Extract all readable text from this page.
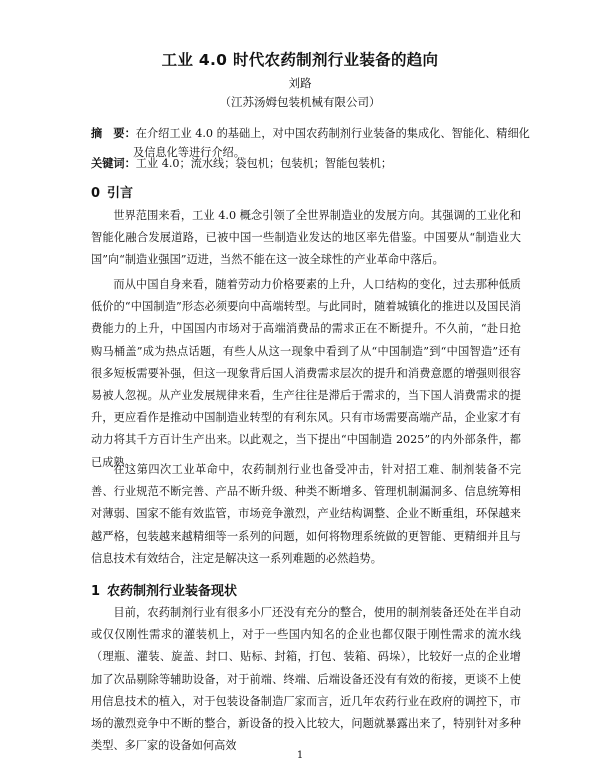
工业 4.0 时代农药制剂行业装备的趋向
刘路
（江苏汤姆包装机械有限公司）
摘　要：在介绍工业 4.0 的基础上，对中国农药制剂行业装备的集成化、智能化、精细化及信息化等进行介绍。
关键词：工业 4.0；流水线；袋包机；包装机；智能包装机；
0 引言
世界范围来看，工业 4.0 概念引领了全世界制造业的发展方向。其强调的工业化和智能化融合发展道路，已被中国一些制造业发达的地区率先借鉴。中国要从“制造业大国”向“制造业强国”迈进，当然不能在这一波全球性的产业革命中落后。
而从中国自身来看，随着劳动力价格要素的上升，人口结构的变化，过去那种低质低价的“中国制造”形态必须要向中高端转型。与此同时，随着城镇化的推进以及国民消费能力的上升，中国国内市场对于高端消费品的需求正在不断提升。不久前，“赴日抢购马桶盖”成为热点话题，有些人从这一现象中看到了从“中国制造”到“中国智造”还有很多短板需要补强，但这一现象背后国人消费需求层次的提升和消费意愿的增强则很容易被人忽视。从产业发展规律来看，生产往往是滞后于需求的，当下国人消费需求的提升，更应看作是推动中国制造业转型的有利东风。只有市场需要高端产品，企业家才有动力将其千方百计生产出来。以此观之，当下提出“中国制造 2025”的内外部条件，都已成熟。
在这第四次工业革命中，农药制剂行业也备受冲击，针对招工难、制剂装备不完善、行业规范不断完善、产品不断升级、种类不断增多、管理机制漏洞多、信息统筹相对薄弱、国家不能有效监管，市场竞争激烈，产业结构调整、企业不断重组，环保越来越严格，包装越来越精细等一系列的问题，如何将物理系统做的更智能、更精细并且与信息技术有效结合，注定是解决这一系列难题的必然趋势。
1 农药制剂行业装备现状
目前，农药制剂行业有很多小厂还没有充分的整合，使用的制剂装备还处在半自动或仅仅刚性需求的灌装机上，对于一些国内知名的企业也都仅限于刚性需求的流水线（理瓶、灌装、旋盖、封口、贴标、封箱，打包、装箱、码垛），比较好一点的企业增加了次品剔除等辅助设备，对于前端、终端、后端设备还没有有效的衔接，更谈不上使用信息技术的植入，对于包装设备制造厂家而言，近几年农药行业在政府的调控下，市场的激烈竞争中不断的整合，新设备的投入比较大，问题就暴露出来了，特别针对多种类型、多厂家的设备如何高效
1
